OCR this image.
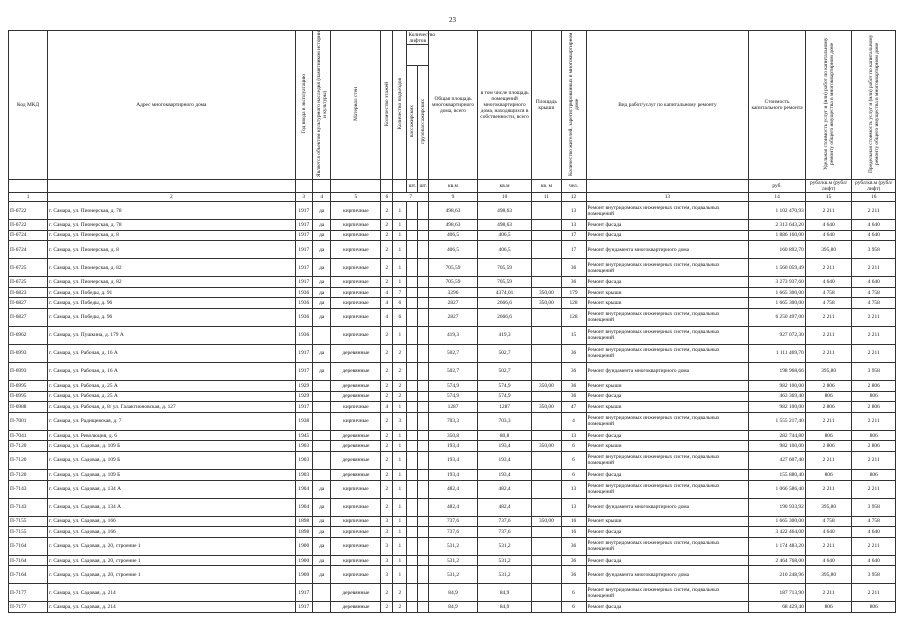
23
Код МКД	Адрес многоквартирного дома	Год ввода в эксплуатацию	Является объектом культурного наследия (памятником истории и культуры)	Материал стен	Количество этажей	Количество подъездов	Количество лифтов		Общая площадь многоквартирного дома, всего	в том числе площадь помещений многоквартирного дома, находящихся в собственности, всего	Площадь крыши	Количество жителей, зарегистрированных в многоквартирном доме	Вид работ/услуг по капитальному ремонту	Стоимость капитального ремонта	Удельная стоимость услуг и (или) работ по капитальному ремонту общего имущества в многоквартирном доме	Предельная стоимость услуг и (или) работ по капитальному ремонту общего имущества в многоквартирном доме

							пассажирских	грузопассажирских								
							шт.	шт.	кв.м	кв.м	кв. м	чел.		руб.	рубл/кв.м (рубл/лифт)	рубл/кв.м (рубл/лифт)
1	2	3	4	5	6	7			9	10	11	12	13	14	15	16
П-6722	г. Самара, ул. Пионерская, д. 78	1917	да	кирпичные	2	1			498,63	498,63		13	Ремонт внутридомовых инженерных систем, подвальных помещений	1 102 470,93	2 211	2 211
П-6722	г. Самара, ул. Пионерская, д. 78	1917	да	кирпичные	2	1			498,63	498,63		13	Ремонт фасада	2 313 643,20	4 640	4 640
П-6724	г. Самара, ул. Пионерская, д. 8	1917	да	кирпичные	2	1			406,5	406,5		17	Ремонт фасада	1 886 160,00	4 640	4 640
П-6724	г. Самара, ул. Пионерская, д. 8	1917	да	кирпичные	2	1			406,5	406,5		17	Ремонт фундамента многоквартирного дома	160 892,70	395,80	3 958
П-6725	г. Самара, ул. Пионерская, д. 82	1917	да	кирпичные	2	1			705,59	705,59		36	Ремонт внутридомовых инженерных систем, подвальных помещений	1 560 059,49	2 211	2 211
П-6725	г. Самара, ул. Пионерская, д. 82	1917	да	кирпичные	2	1			705,59	705,59		36	Ремонт фасада	3 273 937,60	4 640	4 640
П-6823	г. Самара, ул. Победы, д. 91	1936	да	кирпичные	4	7			3296	4374,01	350,00	179	Ремонт крыши	1 665 300,00	4 758	4 758
П-6827	г. Самара, ул. Победы, д. 96	1936	да	кирпичные	4	6			2827	2666,6	350,00	128	Ремонт крыши	1 665 300,00	4 758	4 758
П-6827	г. Самара, ул. Победы, д. 96	1936	да	кирпичные	4	6			2827	2666,6		128	Ремонт внутридомовых инженерных систем, подвальных помещений	6 250 497,00	2 211	2 211
П-6962	г. Самара, ул. Пушкина, д. 179 А	1936		кирпичные	2	1			419,3	419,3		15	Ремонт внутридомовых инженерных систем, подвальных помещений	927 072,30	2 211	2 211
П-6993	г. Самара, ул. Рабочая, д. 16 А	1917	да	деревянные	2	2			502,7	502,7		36	Ремонт внутридомовых инженерных систем, подвальных помещений	1 111 469,70	2 211	2 211
П-6993	г. Самара, ул. Рабочая, д. 16 А	1917	да	деревянные	2	2			502,7	502,7		36	Ремонт фундамента многоквартирного дома	198 968,66	395,80	3 958
П-6995	г. Самара, ул. Рабочая, д. 25 А	1929		деревянные	2	2			574,9	574,9	350,00	36	Ремонт крыши	982 100,00	2 806	2 806
П-6995	г. Самара, ул. Рабочая, д. 25 А	1929		деревянные	2	2			574,9	574,9		36	Ремонт фасада	463 369,40	806	806
П-6988	г. Самара, ул. Рабочая, д. 8/ ул. Галактионовская, д. 127	1917		кирпичные	4	1			1287	1287	350,00	47	Ремонт крыши	982 100,00	2 806	2 806
П-7001	г. Самара, ул. Радищевская, д. 7	1938		кирпичные	2	3			703,3	703,3		4	Ремонт внутридомовых инженерных систем, подвальных помещений	1 555 217,40	2 211	2 211
П-7041	г. Самара, ул. Революция, д. 6	1945		деревянные	2	1			350,8	80,8		13	Ремонт фасада	282 744,80	806	806
П-7120	г. Самара, ул. Садовая, д. 109 Б	1903		деревянные	2	1			193,4	193,4	350,00	6	Ремонт крыши	982 100,00	2 806	2 806
П-7120	г. Самара, ул. Садовая, д. 109 Б	1903		деревянные	2	1			193,4	193,4		6	Ремонт внутридомовых инженерных систем, подвальных помещений	427 607,40	2 211	2 211
П-7120	г. Самара, ул. Садовая, д. 109 Б	1903		деревянные	2	1			193,4	193,4		6	Ремонт фасада	155 880,40	806	806
П-7143	г. Самара, ул. Садовая, д. 134 А	1904	да	кирпичные	2	1			482,4	482,4		13	Ремонт внутридомовых инженерных систем, подвальных помещений	1 066 586,40	2 211	2 211
П-7143	г. Самара, ул. Садовая, д. 134 А	1904	да	кирпичные	2	1			482,4	482,4		13	Ремонт фундамента многоквартирного дома	190 933,92	395,80	3 958
П-7155	г. Самара, ул. Садовая, д. 166	1898	да	кирпичные	3	1			737,6	737,6	350,00	16	Ремонт крыши	1 665 300,00	4 758	4 758
П-7155	г. Самара, ул. Садовая, д. 166	1898	да	кирпичные	3	1			737,6	737,6		16	Ремонт фасада	3 422 464,00	4 640	4 640
П-7164	г. Самара, ул. Садовая, д. 20, строение 1	1900	да	кирпичные	3	1			531,2	531,2		36	Ремонт внутридомовых инженерных систем, подвальных помещений	1 174 483,20	2 211	2 211
П-7164	г. Самара, ул. Садовая, д. 20, строение 1	1900	да	кирпичные	3	1			531,2	531,2		36	Ремонт фасада	2 464 768,00	4 640	4 640
П-7164	г. Самара, ул. Садовая, д. 20, строение 1	1900	да	кирпичные	3	1			531,2	531,2		36	Ремонт фундамента многоквартирного дома	210 248,96	395,80	3 958
П-7177	г. Самара, ул. Садовая, д. 214	1917		деревянные	2	2			84,9	84,9		6	Ремонт внутридомовых инженерных систем, подвальных помещений	187 713,90	2 211	2 211
П-7177	г. Самара, ул. Садовая, д. 214	1917		деревянные	2	2			84,9	84,9		6	Ремонт фасада	68 429,40	806	806
